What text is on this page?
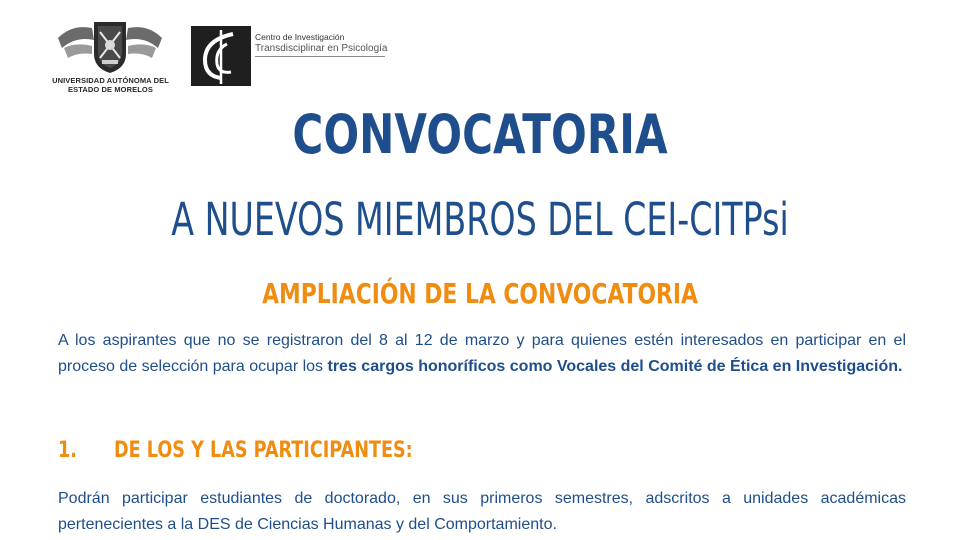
UNIVERSIDAD AUTÓNOMA DEL
ESTADO DE MORELOS
Centro de Investigación
Transdisciplinar en Psicología
CONVOCATORIA
A NUEVOS MIEMBROS DEL CEI-CITPsi
AMPLIACIÓN DE LA CONVOCATORIA
A los aspirantes que no se registraron del 8 al 12 de marzo y para quienes estén interesados en participar en el proceso de selección para ocupar los tres cargos honoríficos como Vocales del Comité de Ética en Investigación.
1. DE LOS Y LAS PARTICIPANTES:
Podrán participar estudiantes de doctorado, en sus primeros semestres, adscritos a unidades académicas pertenecientes a la DES de Ciencias Humanas y del Comportamiento.
